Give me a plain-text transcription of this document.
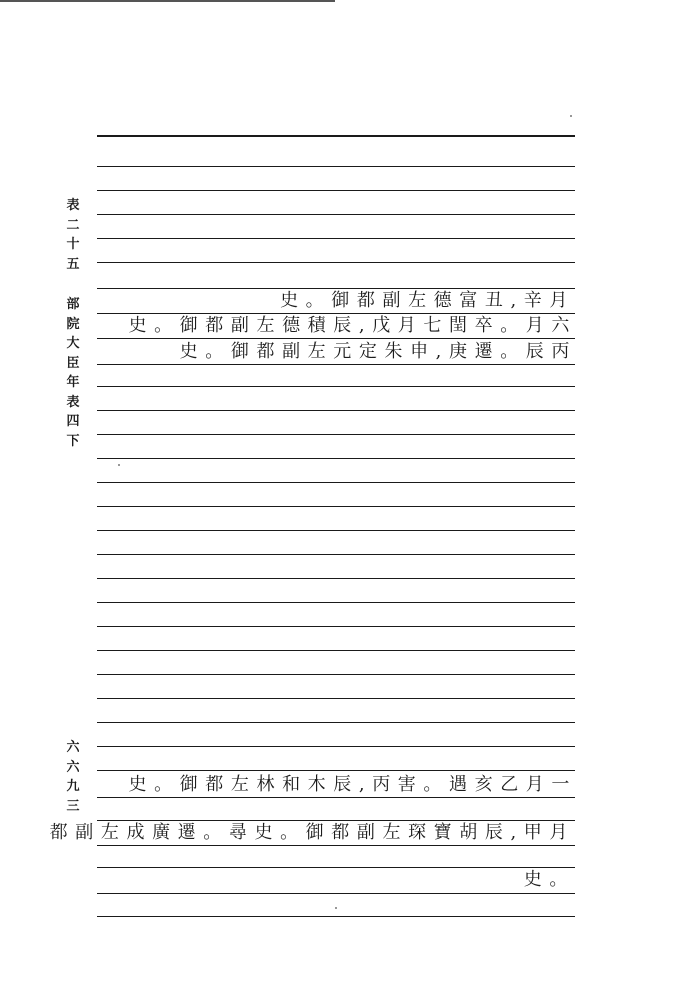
表
二
十
五
部
院
大
臣
年
表
四
下
六
六
九
三
史。御都副左德富丑,辛月
史。御都副左德積辰,戊月七閏卒。月六
史。御都副左元定朱申,庚遷。辰丙
史。御都左林和木辰,丙害。遇亥乙月一
都副左成廣遷。尋史。御都副左琛寶胡辰,甲月
史。
